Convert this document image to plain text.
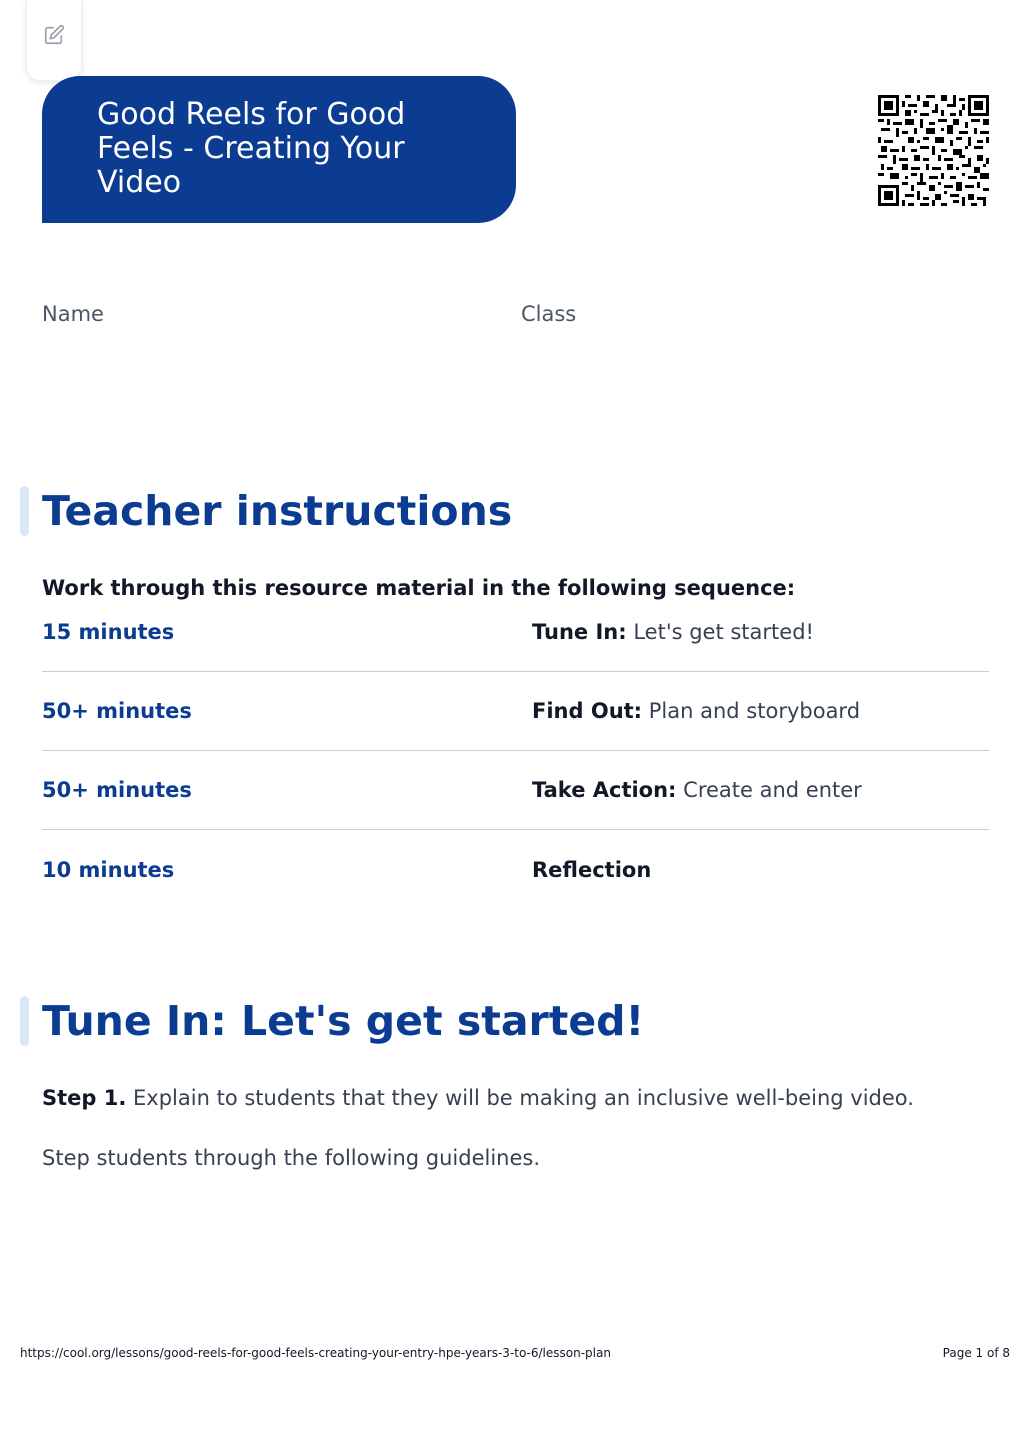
Good Reels for Good Feels - Creating Your Video
Name	Class
Teacher instructions

Work through this resource material in the following sequence:

15 minutes	Tune In: Let's get started!
50+ minutes	Find Out: Plan and storyboard
50+ minutes	Take Action: Create and enter
10 minutes	Reflection
Tune In: Let's get started!

Step 1. Explain to students that they will be making an inclusive well-being video.

Step students through the following guidelines.

https://cool.org/lessons/good-reels-for-good-feels-creating-your-entry-hpe-years-3-to-6/lesson-plan	Page 1 of 8
